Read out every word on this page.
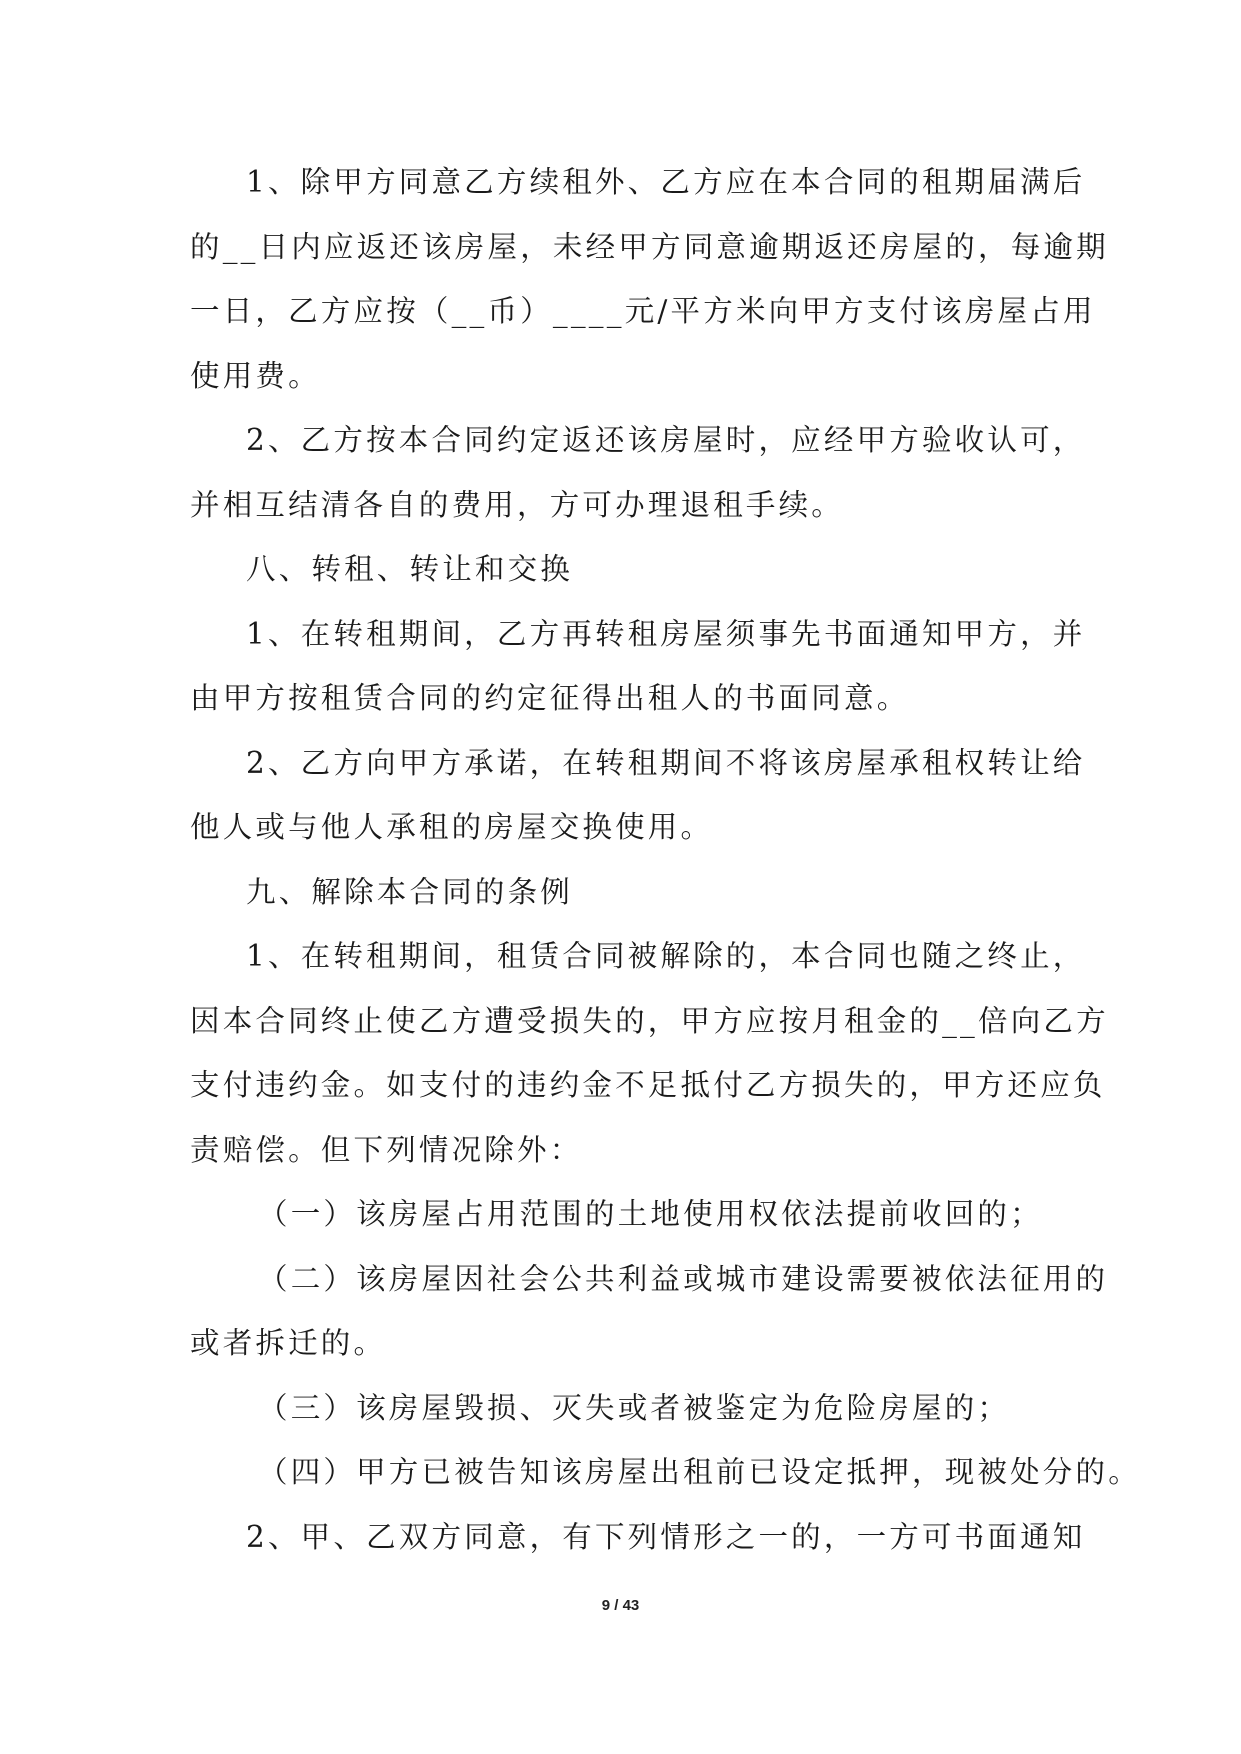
1、除甲方同意乙方续租外、乙方应在本合同的租期届满后
的__日内应返还该房屋，未经甲方同意逾期返还房屋的，每逾期
一日，乙方应按（__币）____元/平方米向甲方支付该房屋占用
使用费。
2、乙方按本合同约定返还该房屋时，应经甲方验收认可，
并相互结清各自的费用，方可办理退租手续。
八、转租、转让和交换
1、在转租期间，乙方再转租房屋须事先书面通知甲方，并
由甲方按租赁合同的约定征得出租人的书面同意。
2、乙方向甲方承诺，在转租期间不将该房屋承租权转让给
他人或与他人承租的房屋交换使用。
九、解除本合同的条例
1、在转租期间，租赁合同被解除的，本合同也随之终止，
因本合同终止使乙方遭受损失的，甲方应按月租金的__倍向乙方
支付违约金。如支付的违约金不足抵付乙方损失的，甲方还应负
责赔偿。但下列情况除外：
（一）该房屋占用范围的土地使用权依法提前收回的；
（二）该房屋因社会公共利益或城市建设需要被依法征用的
或者拆迁的。
（三）该房屋毁损、灭失或者被鉴定为危险房屋的；
（四）甲方已被告知该房屋出租前已设定抵押，现被处分的。
2、甲、乙双方同意，有下列情形之一的，一方可书面通知
9 / 43
